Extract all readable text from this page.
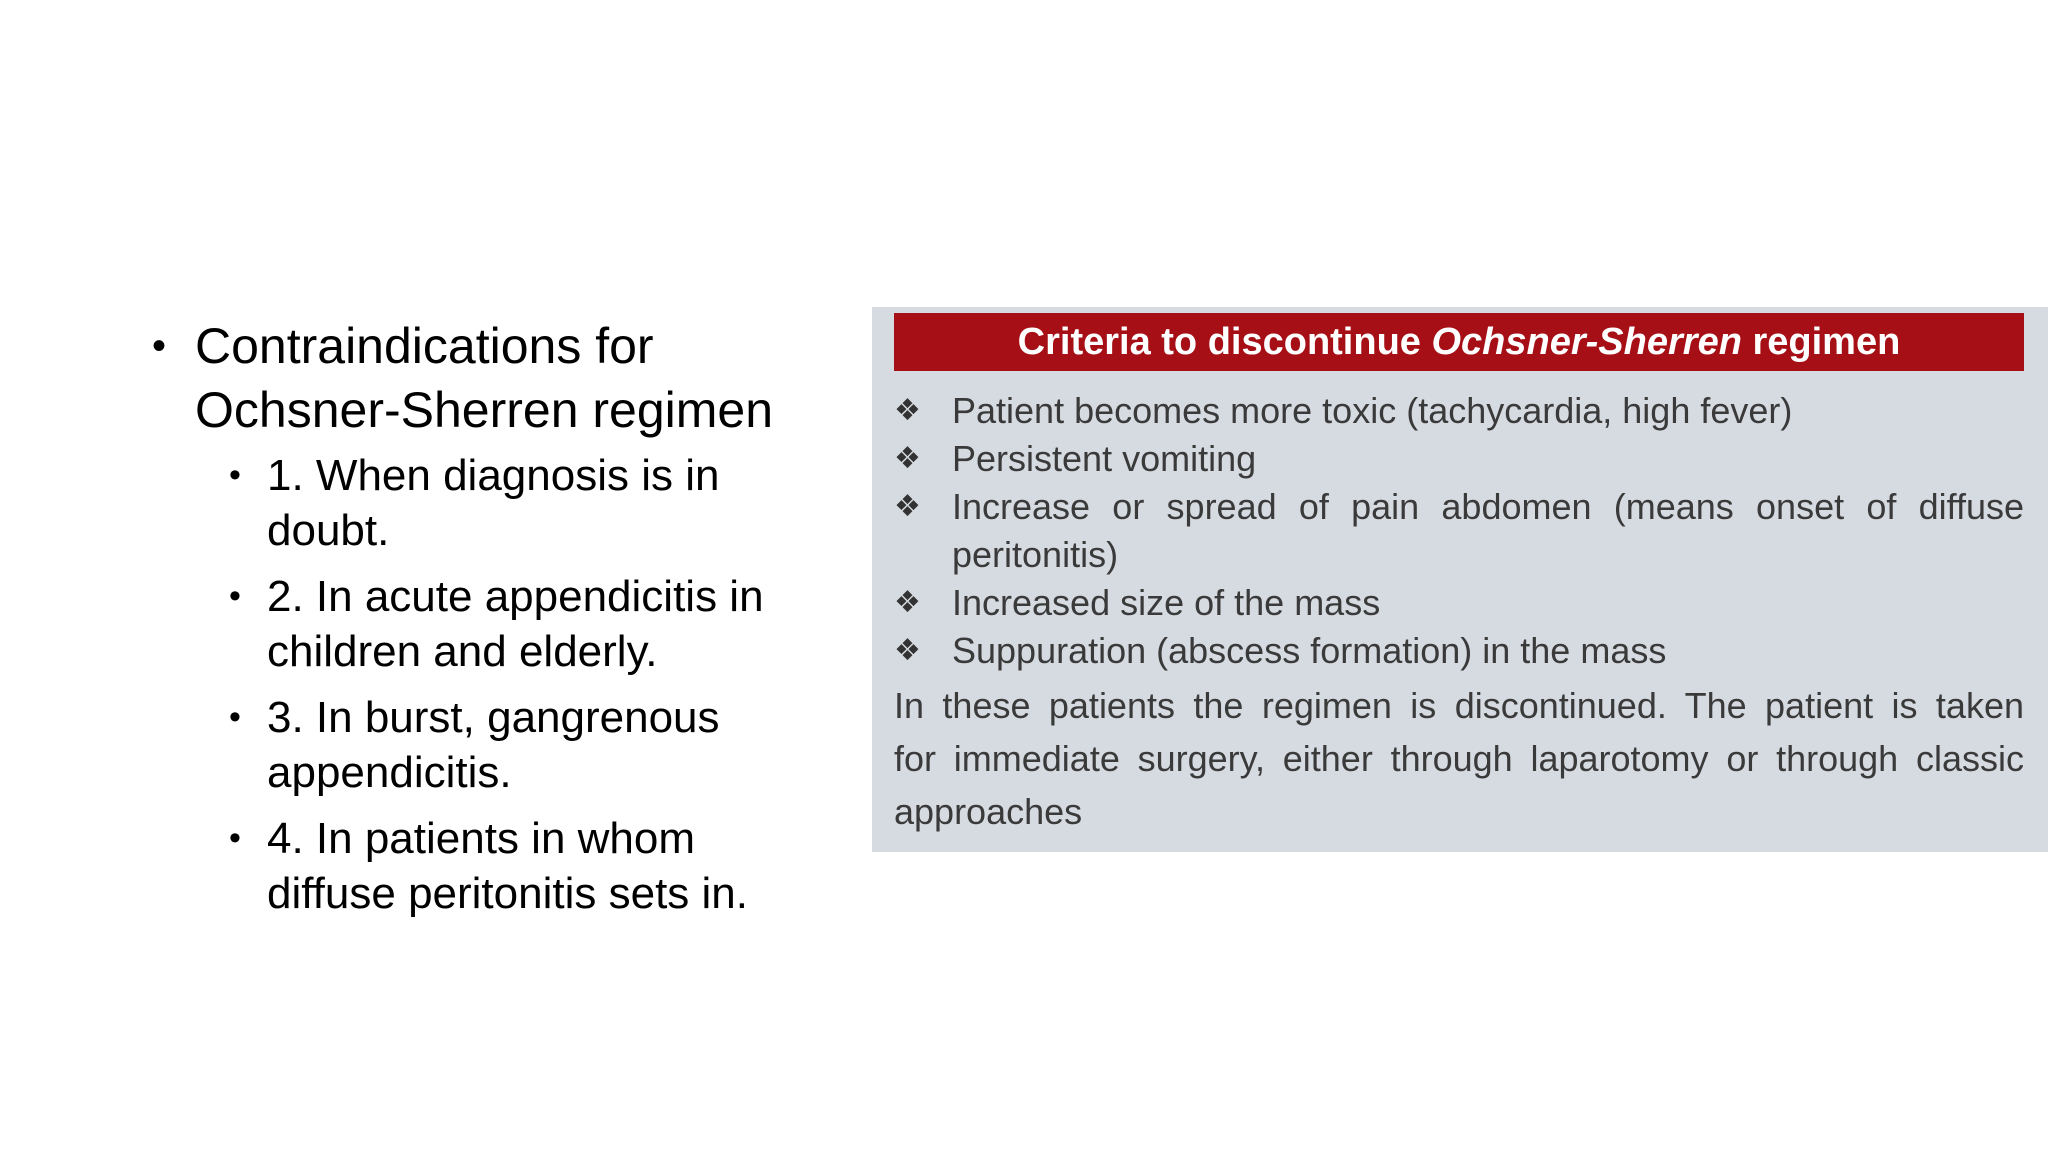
• Contraindications for
Ochsner-Sherren regimen

• 1. When diagnosis is in
doubt.
• 2. In acute appendicitis in
children and elderly.
• 3. In burst, gangrenous
appendicitis.
• 4. In patients in whom
diffuse peritonitis sets in.
Criteria to discontinue Ochsner-Sherren regimen
❖ Patient becomes more toxic (tachycardia, high fever)
❖ Persistent vomiting
❖ Increase or spread of pain abdomen (means onset of diffuse
peritonitis)
❖ Increased size of the mass
❖ Suppuration (abscess formation) in the mass
In these patients the regimen is discontinued. The patient is taken
for immediate surgery, either through laparotomy or through classic
approaches
